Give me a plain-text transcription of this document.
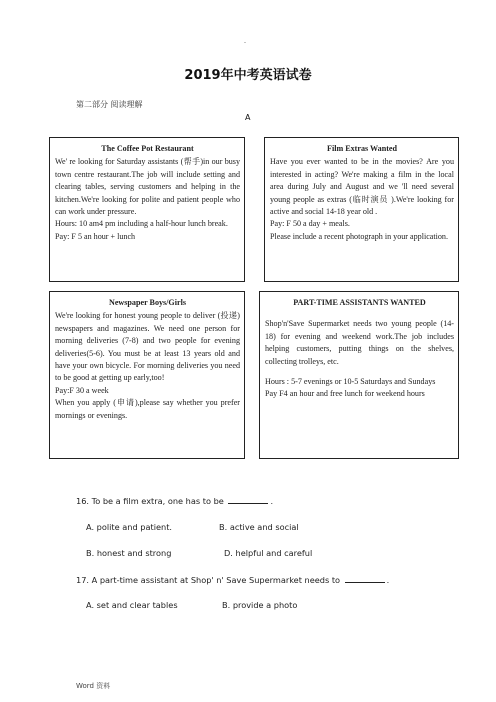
.
2019年中考英语试卷
第二部分 阅读理解
A
The Coffee Pot Restaurant

We' re looking for Saturday assistants (帮手)in our busy town centre restaurant.The job will include setting and clearing tables, serving customers and helping in the kitchen.We're looking for polite and patient people who can work under pressure.

Hours: 10 am4 pm including a half-hour lunch break.

Pay: F 5 an hour + lunch

Film Extras Wanted

Have you ever wanted to be in the movies? Are you interested in acting? We're making a film in the local area during July and August and we 'll need several young people as extras (临时演员 ).We're looking for active and social 14-18 year old .

Pay: F 50 a day + meals.

Please include a recent photograph in your application.

Newspaper Boys/Girls

We're looking for honest young people to deliver (投递) newspapers and magazines. We need one person for morning deliveries (7-8) and two people for evening deliveries(5-6). You must be at least 13 years old and have your own bicycle. For morning deliveries you need to be good at getting up early,too!

Pay:F 30 a week

When you apply (申请),please say whether you prefer mornings or evenings.

PART-TIME ASSISTANTS WANTED

Shop'n'Save Supermarket needs two young people (14-18) for evening and weekend work.The job includes helping customers, putting things on the shelves, collecting trolleys, etc.

Hours : 5-7 evenings or 10-5 Saturdays and Sundays

Pay F4 an hour and free lunch for weekend hours

16. To be a film extra, one has to be	.
A. polite and patient.	B. active and social
B. honest and strong	D. helpful and careful
17. A part-time assistant at Shop' n' Save Supermarket needs to	.
A. set and clear tables	B. provide a photo
Word 资料
